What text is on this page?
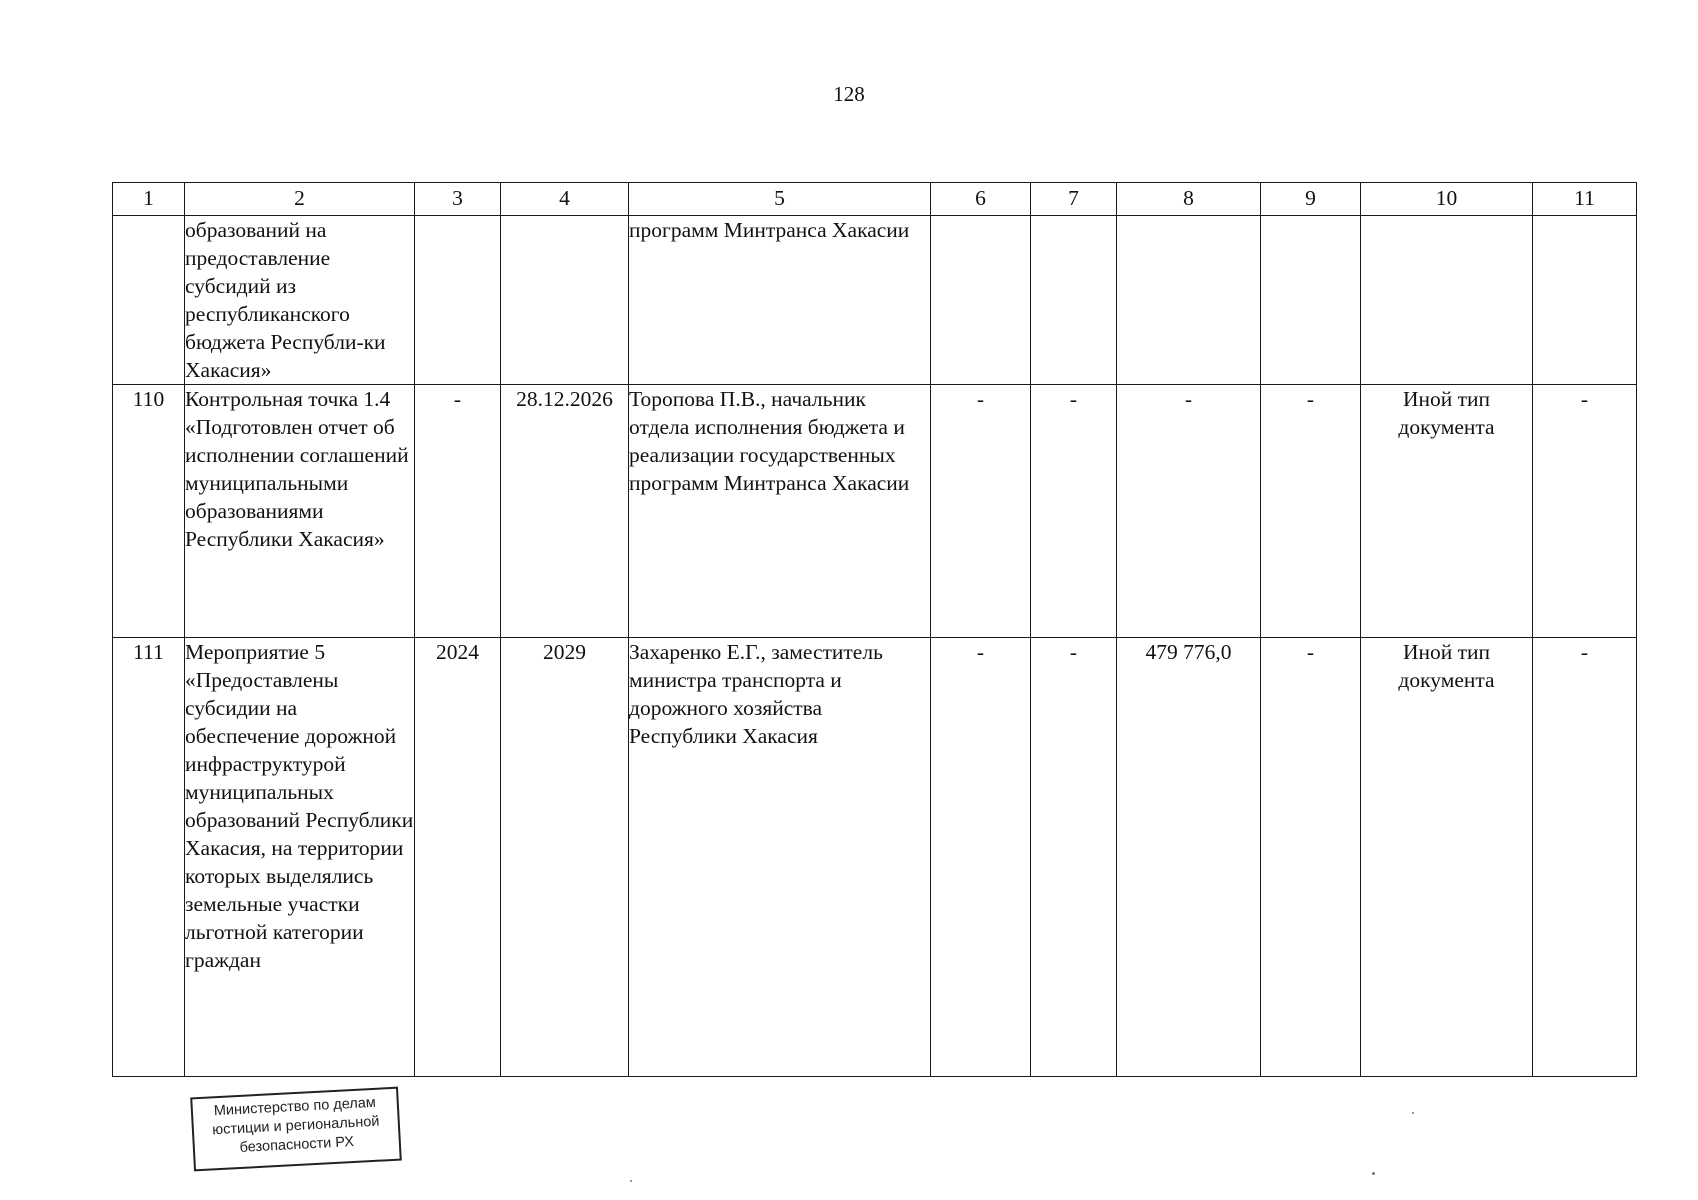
128
1	2	3	4	5	6	7	8	9	10	11
	образований на предоставление субсидий из республиканского бюджета Республи-ки Хакасия»			программ Минтранса Хакасии						
110	Контрольная точка 1.4 «Подготовлен отчет об исполнении соглашений муниципальными образованиями Республики Хакасия»	-	28.12.2026	Торопова П.В., начальник отдела исполнения бюджета и реализации государственных программ Минтранса Хакасии	-	-	-	-	Иной тип документа	-
111	Мероприятие 5 «Предоставлены субсидии на обеспечение дорожной инфраструктурой муниципальных образований Республики Хакасия, на территории которых выделялись земельные участки льготной категории граждан	2024	2029	Захаренко Е.Г., заместитель министра транспорта и дорожного хозяйства Республики Хакасия	-	-	479 776,0	-	Иной тип документа	-
Министерство по делам
юстиции и региональной
безопасности РХ
